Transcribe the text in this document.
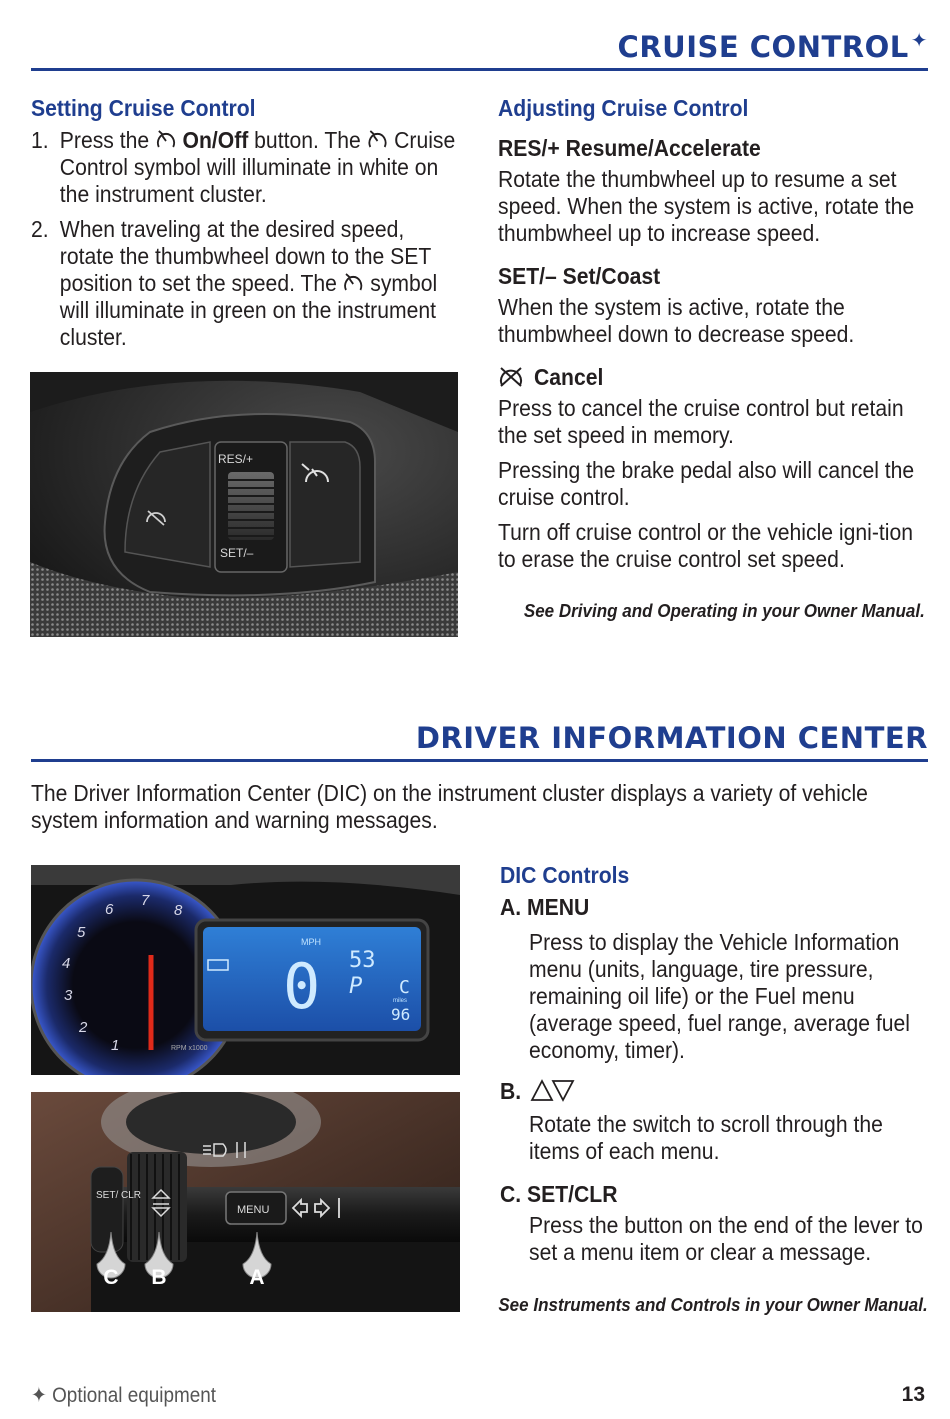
CRUISE CONTROL ✦
Setting Cruise Control
1. Press the On/Off button. The Cruise Control symbol will illuminate in white on the instrument cluster.
2. When traveling at the desired speed, rotate the thumbwheel down to the SET position to set the speed. The symbol will illuminate in green on the instrument cluster.
RES/+
SET/–
Adjusting Cruise Control
RES/+ Resume/Accelerate
Rotate the thumbwheel up to resume a set speed. When the system is active, rotate the thumbwheel up to increase speed.
SET/– Set/Coast
When the system is active, rotate the thumbwheel down to decrease speed.
Cancel
Press to cancel the cruise control but retain the set speed in memory.
Pressing the brake pedal also will cancel the cruise control.
Turn off cruise control or the vehicle igni-tion to erase the cruise control set speed.
See Driving and Operating in your Owner Manual.
DRIVER INFORMATION CENTER
The Driver Information Center (DIC) on the instrument cluster displays a variety of vehicle system information and warning messages.
1
2
3
4
5
6
7
8
RPM x1000
MPH
0 53
P C
miles
96
SET/ CLR
MENU
C B	A
DIC Controls
A. MENU
Press to display the Vehicle Information menu (units, language, tire pressure, remaining oil life) or the Fuel menu (average speed, fuel range, average fuel economy, timer).
B.
Rotate the switch to scroll through the items of each menu.
C. SET/CLR
Press the button on the end of the lever to set a menu item or clear a message.
See Instruments and Controls in your Owner Manual.
✦ Optional equipment	13
